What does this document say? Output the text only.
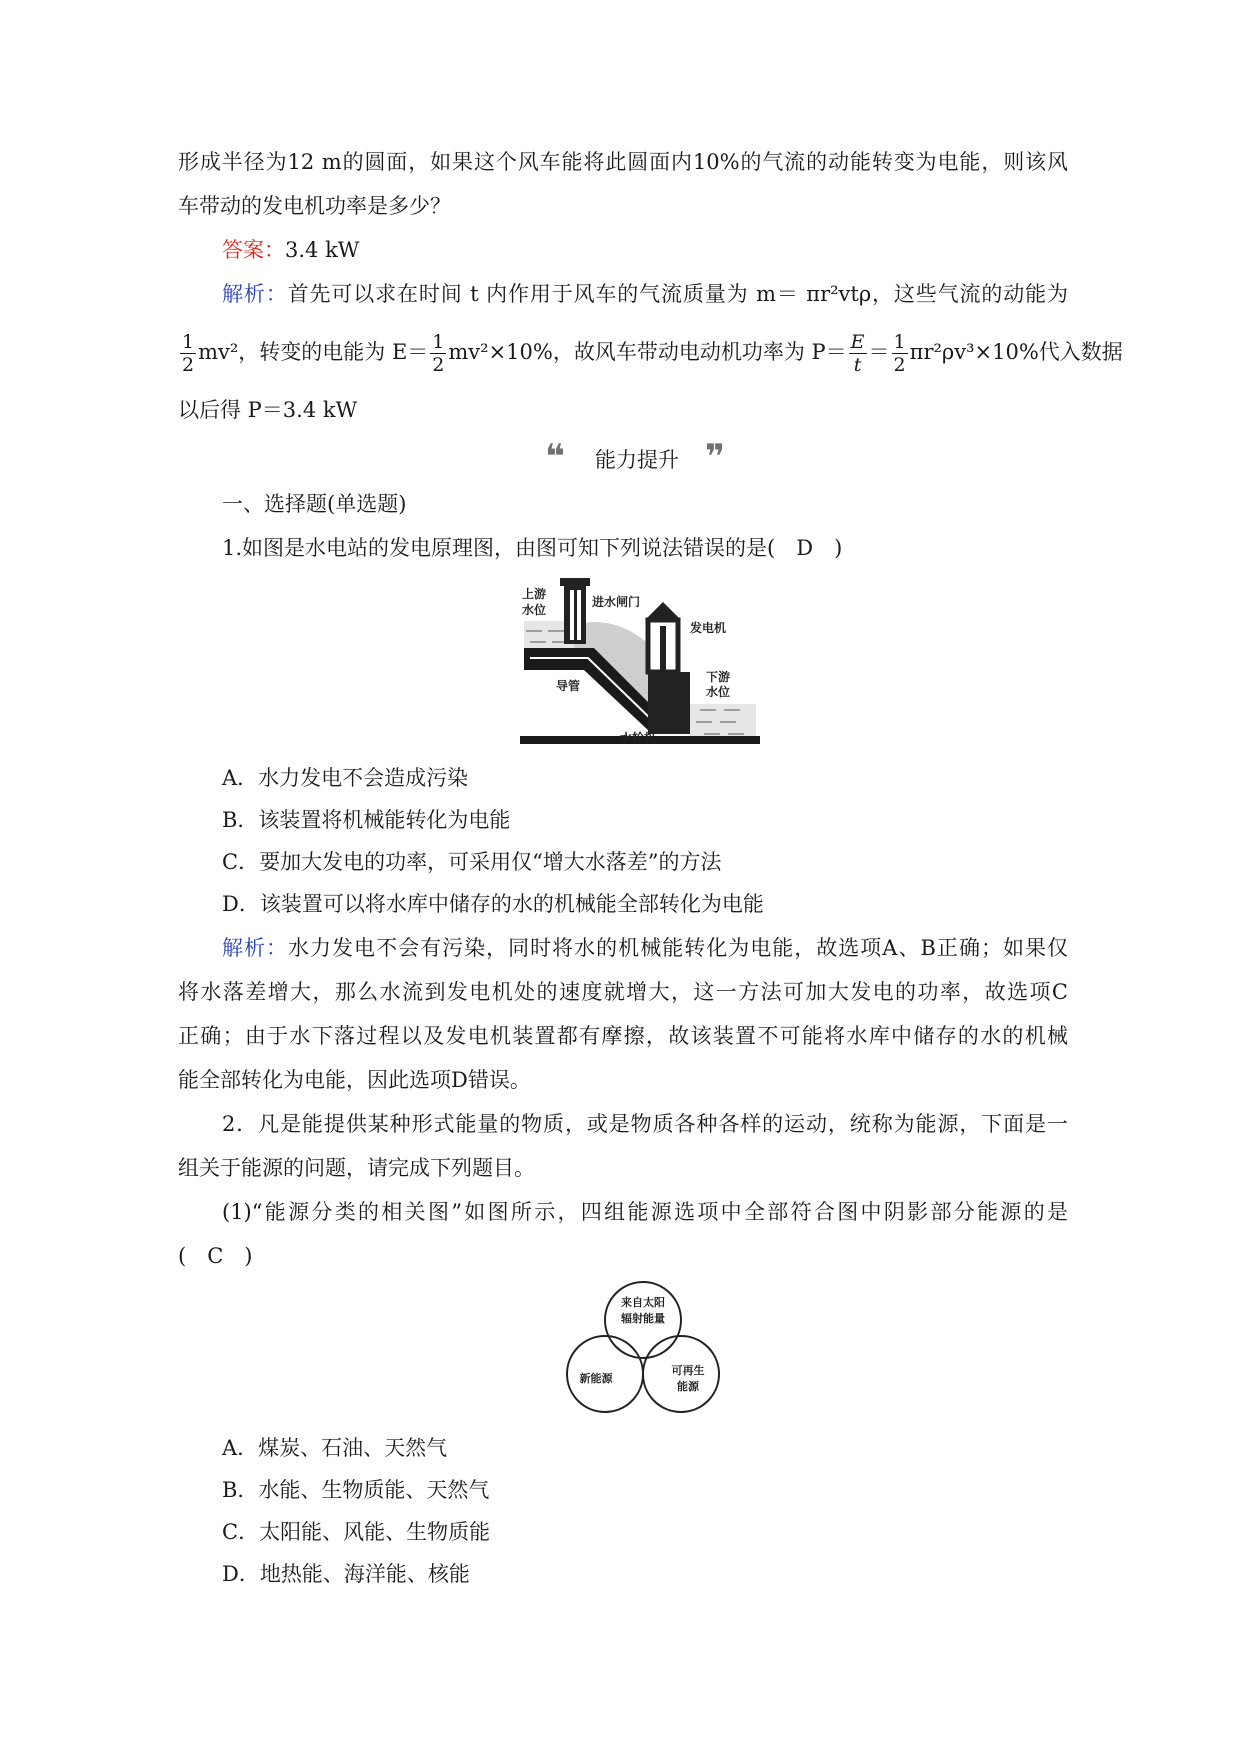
形成半径为12 m的圆面，如果这个风车能将此圆面内10%的气流的动能转变为电能，则该风
车带动的发电机功率是多少？
答案：3.4 kW
解析：首先可以求在时间 t 内作用于风车的气流质量为 m＝ πr²vtρ，这些气流的动能为
$\frac{1}{2} mv^2$，转变的电能为 $E= \frac{1}{2} mv^2\times 10\%$，故风车带动电动机功率为 $P= \frac{E}{t} = \frac{1}{2} \pi r^2\rho v^3\times 10\%$代入数据
以后得 P＝3.4 kW
❝ 能力提升 ❞
一、选择题(单选题)
1.如图是水电站的发电原理图，由图可知下列说法错误的是(　D　)
上游
水位
进水闸门
发电机
导管
下游
水位
水轮机
A．水力发电不会造成污染
B．该装置将机械能转化为电能
C．要加大发电的功率，可采用仅“增大水落差”的方法
D．该装置可以将水库中储存的水的机械能全部转化为电能
解析：水力发电不会有污染，同时将水的机械能转化为电能，故选项A、B正确；如果仅
将水落差增大，那么水流到发电机处的速度就增大，这一方法可加大发电的功率，故选项C
正确；由于水下落过程以及发电机装置都有摩擦，故该装置不可能将水库中储存的水的机械
能全部转化为电能，因此选项D错误。
2．凡是能提供某种形式能量的物质，或是物质各种各样的运动，统称为能源，下面是一
组关于能源的问题，请完成下列题目。
(1)“能源分类的相关图”如图所示，四组能源选项中全部符合图中阴影部分能源的是
(　C　)
来自太阳
辐射能量
新能源
可再生
能源
A．煤炭、石油、天然气
B．水能、生物质能、天然气
C．太阳能、风能、生物质能
D．地热能、海洋能、核能
